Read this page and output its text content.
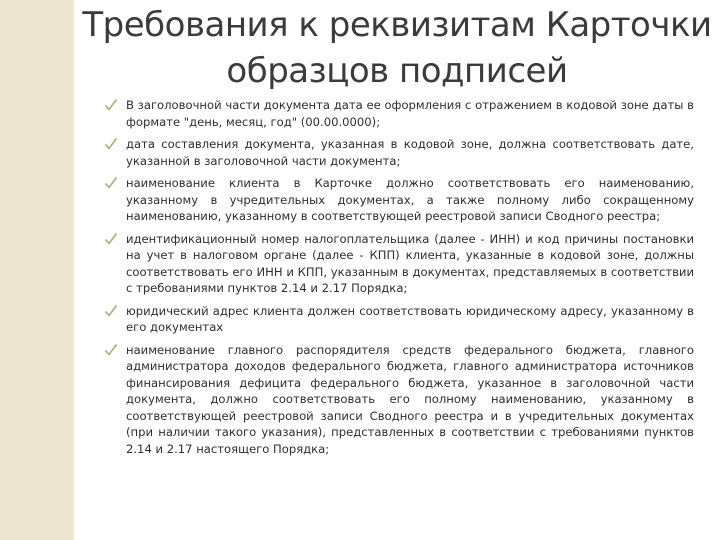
Требования к реквизитам Карточки образцов подписей
В заголовочной части документа дата ее оформления с отражением в кодовой зоне даты в формате "день, месяц, год" (00.00.0000);
дата составления документа, указанная в кодовой зоне, должна соответствовать дате, указанной в заголовочной части документа;
наименование клиента в Карточке должно соответствовать его наименованию, указанному в учредительных документах, а также полному либо сокращенному наименованию, указанному в соответствующей реестровой записи Сводного реестра;
идентификационный номер налогоплательщика (далее - ИНН) и код причины постановки на учет в налоговом органе (далее - КПП) клиента, указанные в кодовой зоне, должны соответствовать его ИНН и КПП, указанным в документах, представляемых в соответствии с требованиями пунктов 2.14 и 2.17 Порядка;
юридический адрес клиента должен соответствовать юридическому адресу, указанному в его документах
наименование главного распорядителя средств федерального бюджета, главного администратора доходов федерального бюджета, главного администратора источников финансирования дефицита федерального бюджета, указанное в заголовочной части документа, должно соответствовать его полному наименованию, указанному в соответствующей реестровой записи Сводного реестра и в учредительных документах (при наличии такого указания), представленных в соответствии с требованиями пунктов 2.14 и 2.17 настоящего Порядка;
